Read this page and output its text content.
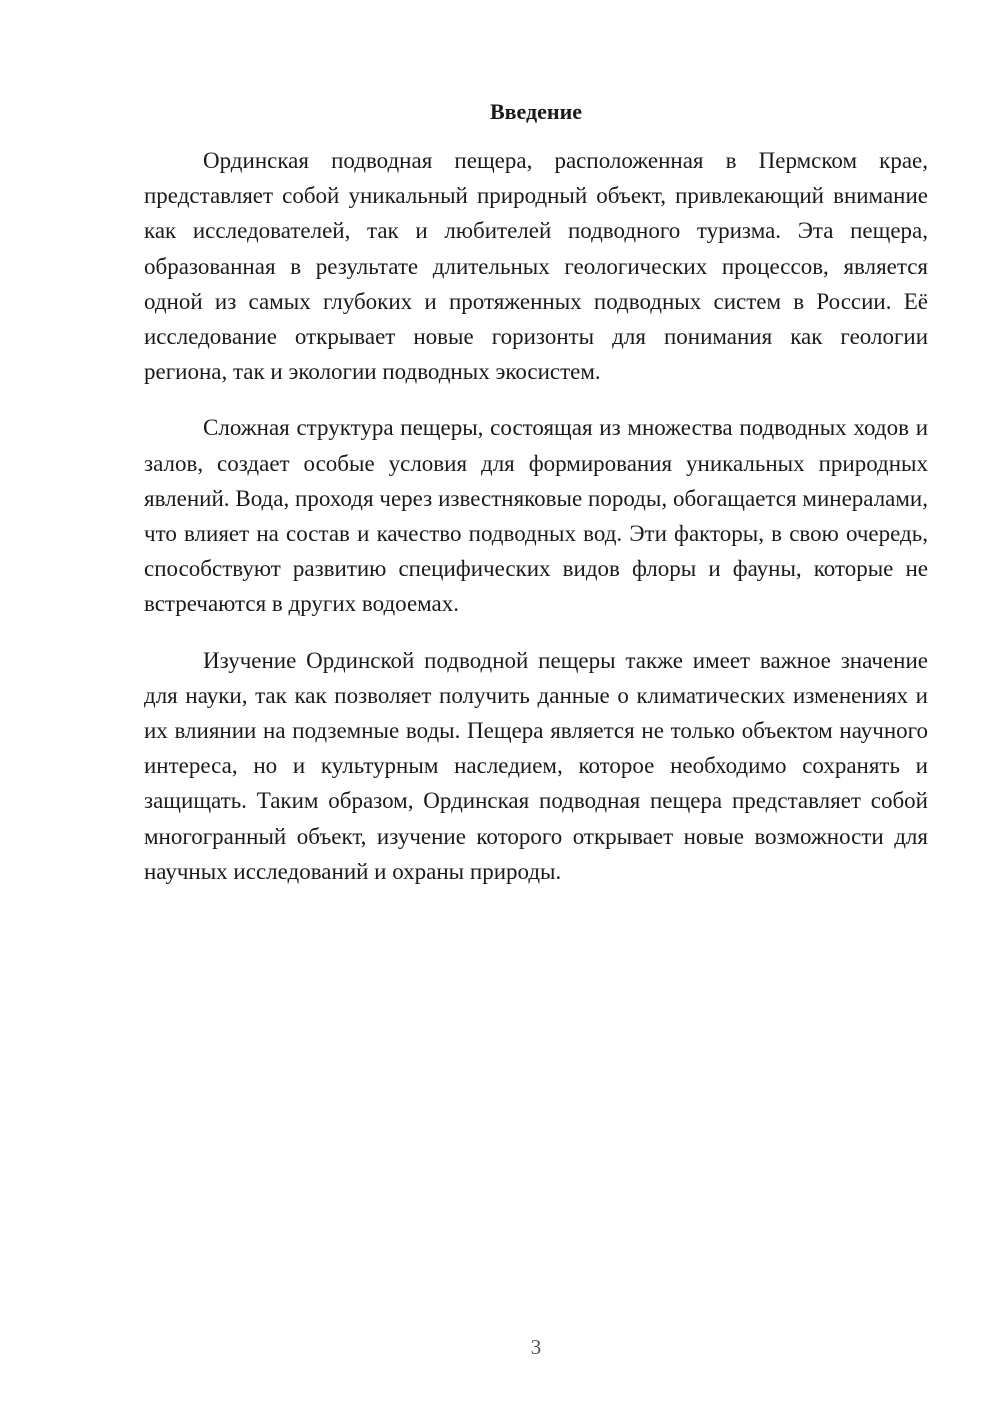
Введение

Ординская подводная пещера, расположенная в Пермском крае, представляет собой уникальный природный объект, привлекающий внимание как исследователей, так и любителей подводного туризма. Эта пещера, образованная в результате длительных геологических процессов, является одной из самых глубоких и протяженных подводных систем в России. Её исследование открывает новые горизонты для понимания как геологии региона, так и экологии подводных экосистем.

Сложная структура пещеры, состоящая из множества подводных ходов и залов, создает особые условия для формирования уникальных природных явлений. Вода, проходя через известняковые породы, обогащается минералами, что влияет на состав и качество подводных вод. Эти факторы, в свою очередь, способствуют развитию специфических видов флоры и фауны, которые не встречаются в других водоемах.

Изучение Ординской подводной пещеры также имеет важное значение для науки, так как позволяет получить данные о климатических изменениях и их влиянии на подземные воды. Пещера является не только объектом научного интереса, но и культурным наследием, которое необходимо сохранять и защищать. Таким образом, Ординская подводная пещера представляет собой многогранный объект, изучение которого открывает новые возможности для научных исследований и охраны природы.

3
